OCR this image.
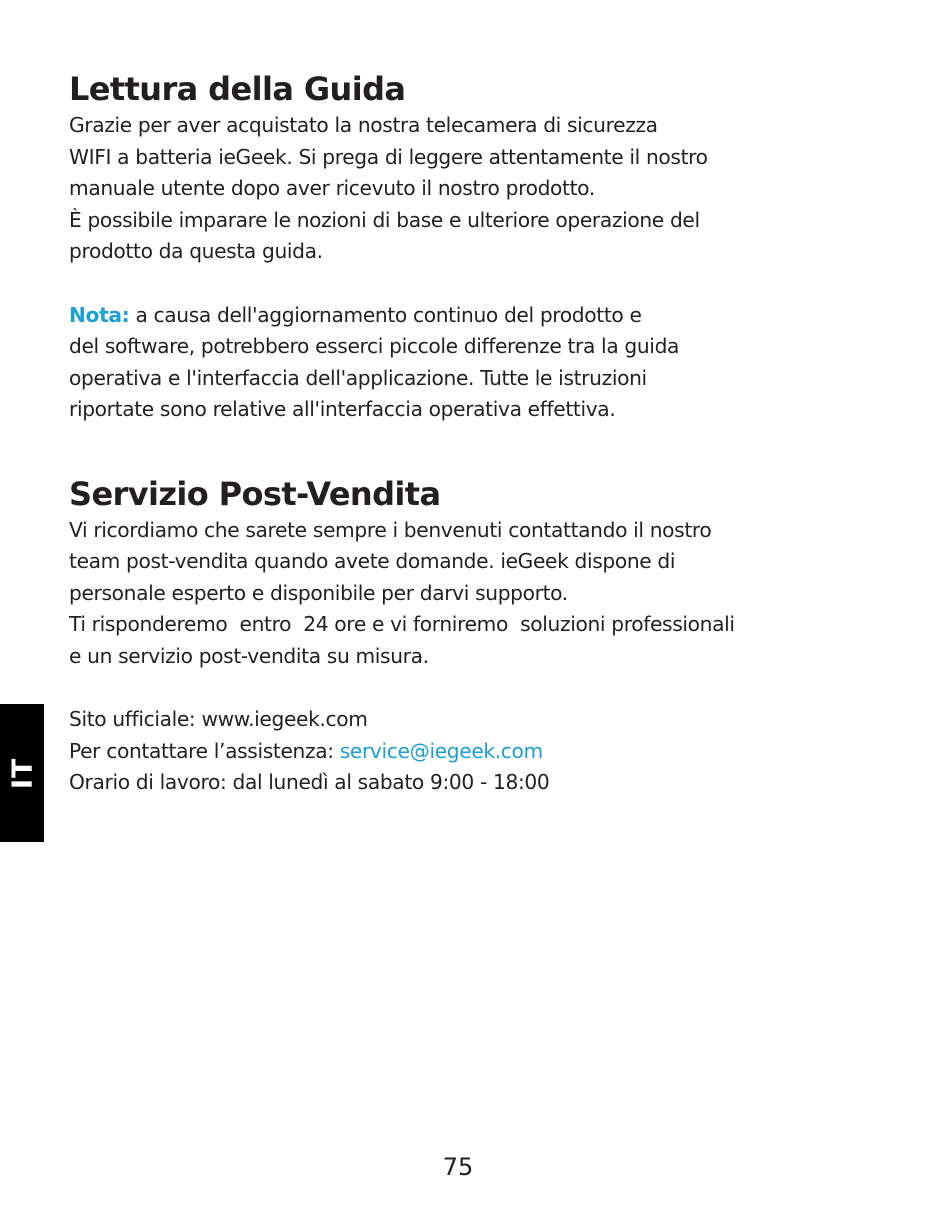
Lettura della Guida

Grazie per aver acquistato la nostra telecamera di sicurezza
WIFI a batteria ieGeek. Si prega di leggere attentamente il nostro
manuale utente dopo aver ricevuto il nostro prodotto.
È possibile imparare le nozioni di base e ulteriore operazione del
prodotto da questa guida.

Nota: a causa dell'aggiornamento continuo del prodotto e
del software, potrebbero esserci piccole differenze tra la guida
operativa e l'interfaccia dell'applicazione. Tutte le istruzioni
riportate sono relative all'interfaccia operativa effettiva.

Servizio Post-Vendita

Vi ricordiamo che sarete sempre i benvenuti contattando il nostro
team post-vendita quando avete domande. ieGeek dispone di
personale esperto e disponibile per darvi supporto.
Ti risponderemo  entro  24 ore e vi forniremo  soluzioni professionali
e un servizio post-vendita su misura.

Sito ufficiale: www.iegeek.com
Per contattare l’assistenza: service@iegeek.com
Orario di lavoro: dal lunedì al sabato 9:00 - 18:00

IT
75
